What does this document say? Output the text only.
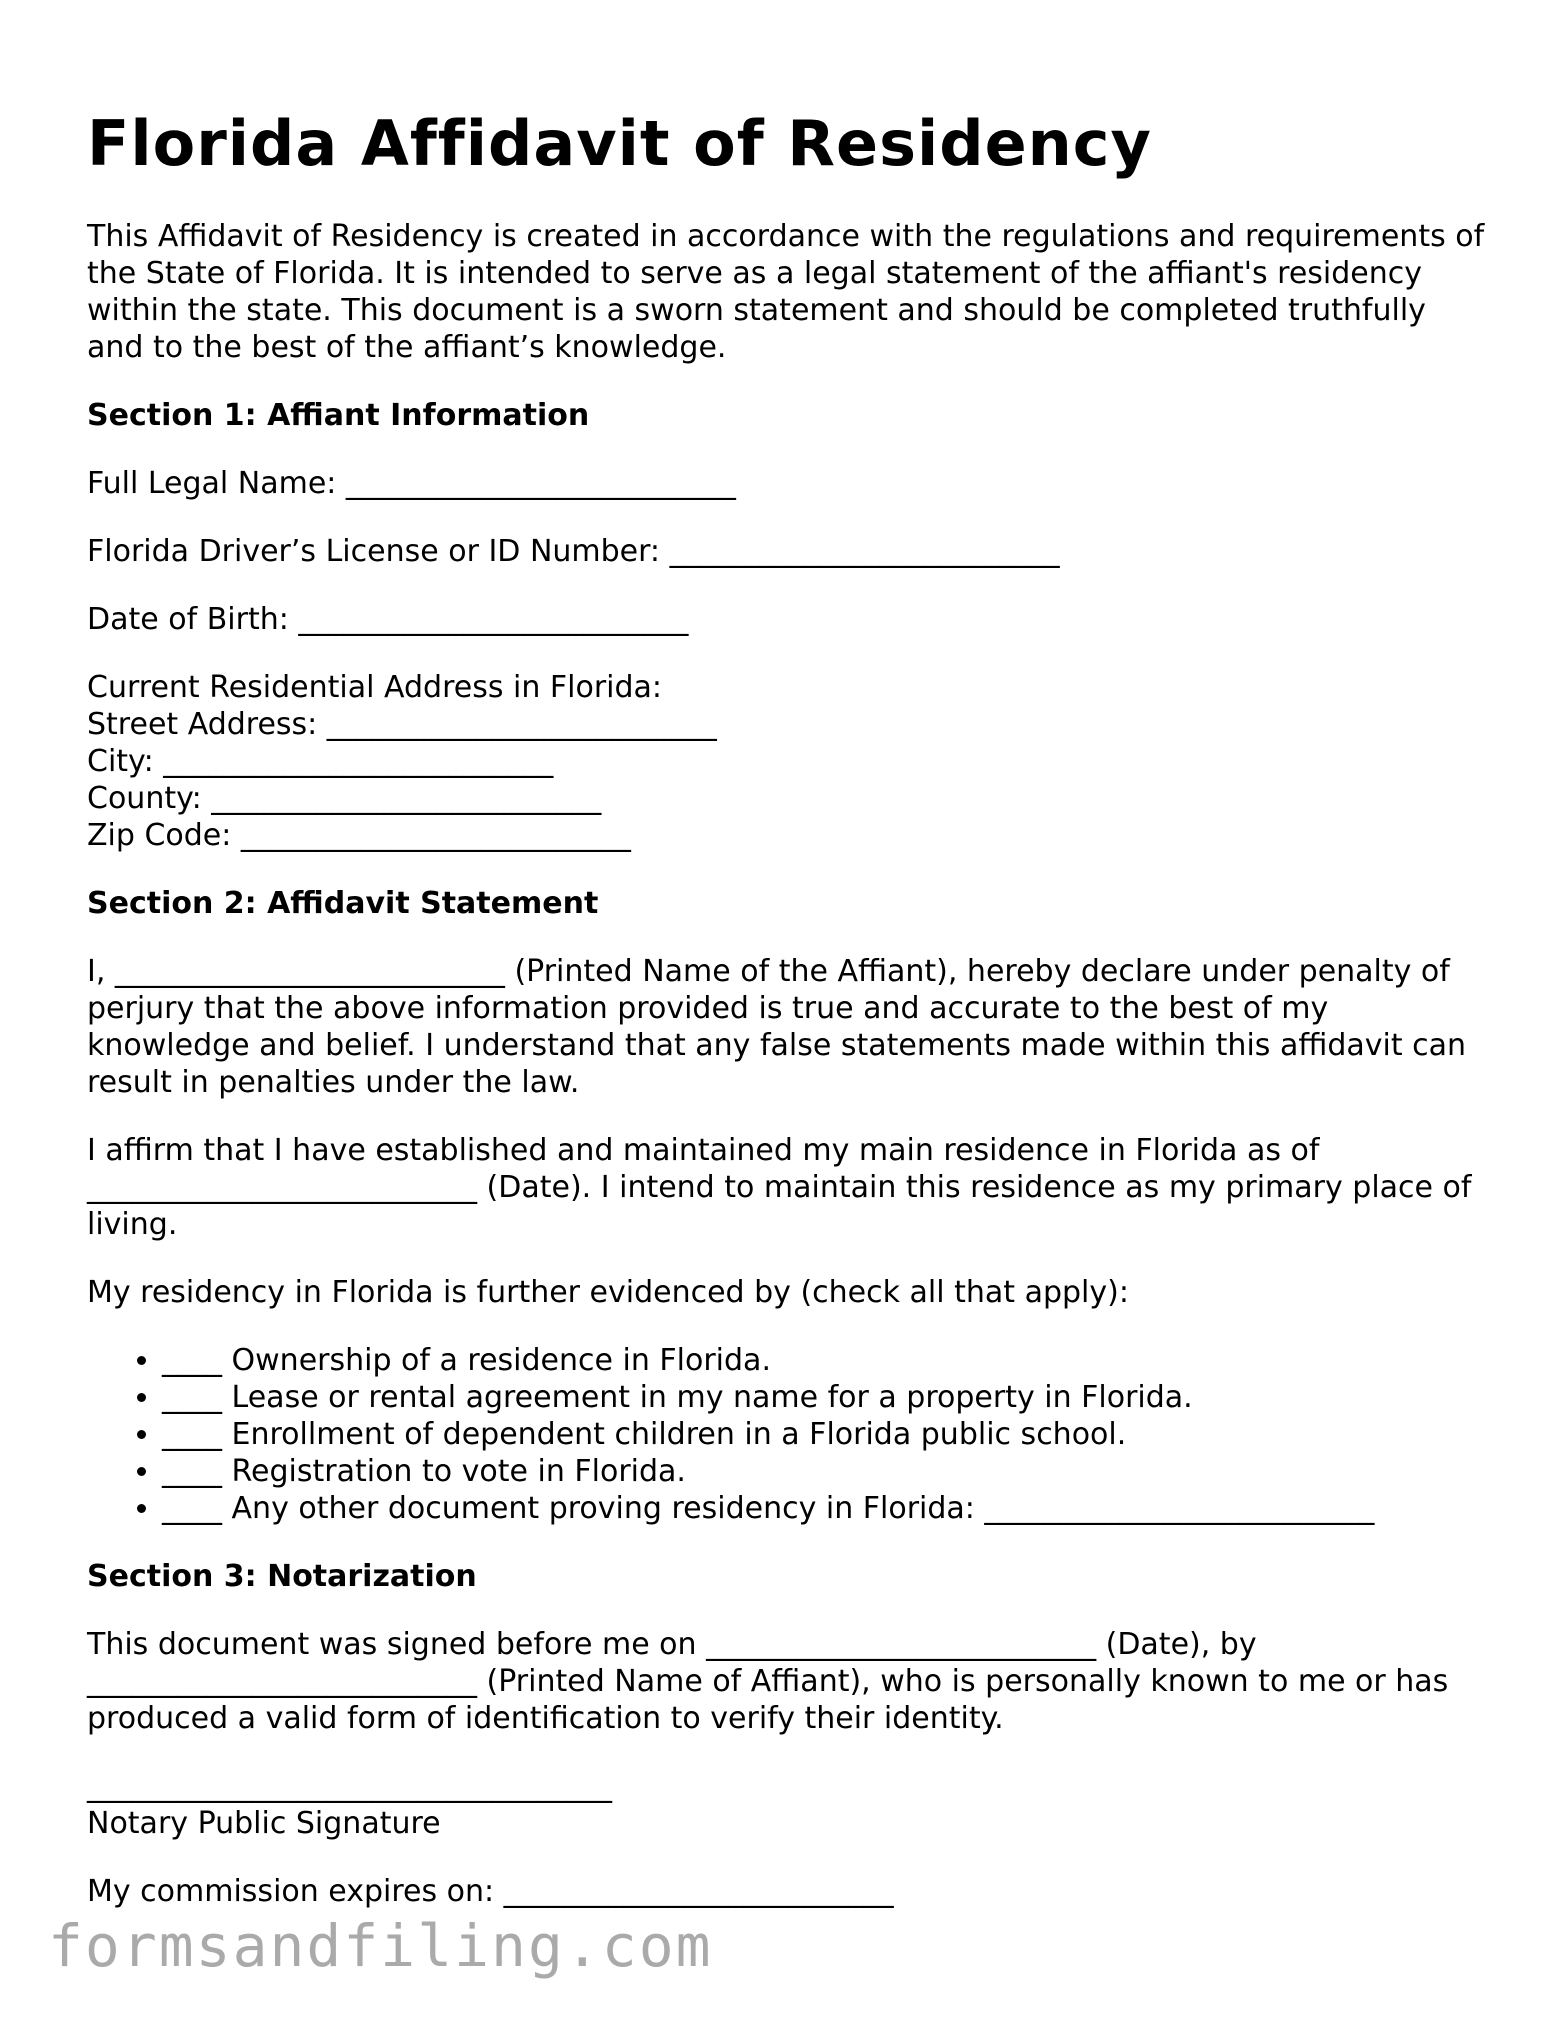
Florida Affidavit of Residency

This Affidavit of Residency is created in accordance with the regulations and requirements of the State of Florida. It is intended to serve as a legal statement of the affiant's residency within the state. This document is a sworn statement and should be completed truthfully and to the best of the affiant’s knowledge.

Section 1: Affiant Information

Full Legal Name: __________________________

Florida Driver’s License or ID Number: __________________________

Date of Birth: __________________________

Current Residential Address in Florida:
Street Address: __________________________
City: __________________________
County: __________________________
Zip Code: __________________________

Section 2: Affidavit Statement

I, __________________________ (Printed Name of the Affiant), hereby declare under penalty of perjury that the above information provided is true and accurate to the best of my knowledge and belief. I understand that any false statements made within this affidavit can result in penalties under the law.

I affirm that I have established and maintained my main residence in Florida as of __________________________ (Date). I intend to maintain this residence as my primary place of living.

My residency in Florida is further evidenced by (check all that apply):

• ____ Ownership of a residence in Florida.
• ____ Lease or rental agreement in my name for a property in Florida.
• ____ Enrollment of dependent children in a Florida public school.
• ____ Registration to vote in Florida.
• ____ Any other document proving residency in Florida: __________________________
Section 3: Notarization

This document was signed before me on __________________________ (Date), by __________________________ (Printed Name of Affiant), who is personally known to me or has produced a valid form of identification to verify their identity.

___________________________________
Notary Public Signature

My commission expires on: __________________________

formsandfiling.com
